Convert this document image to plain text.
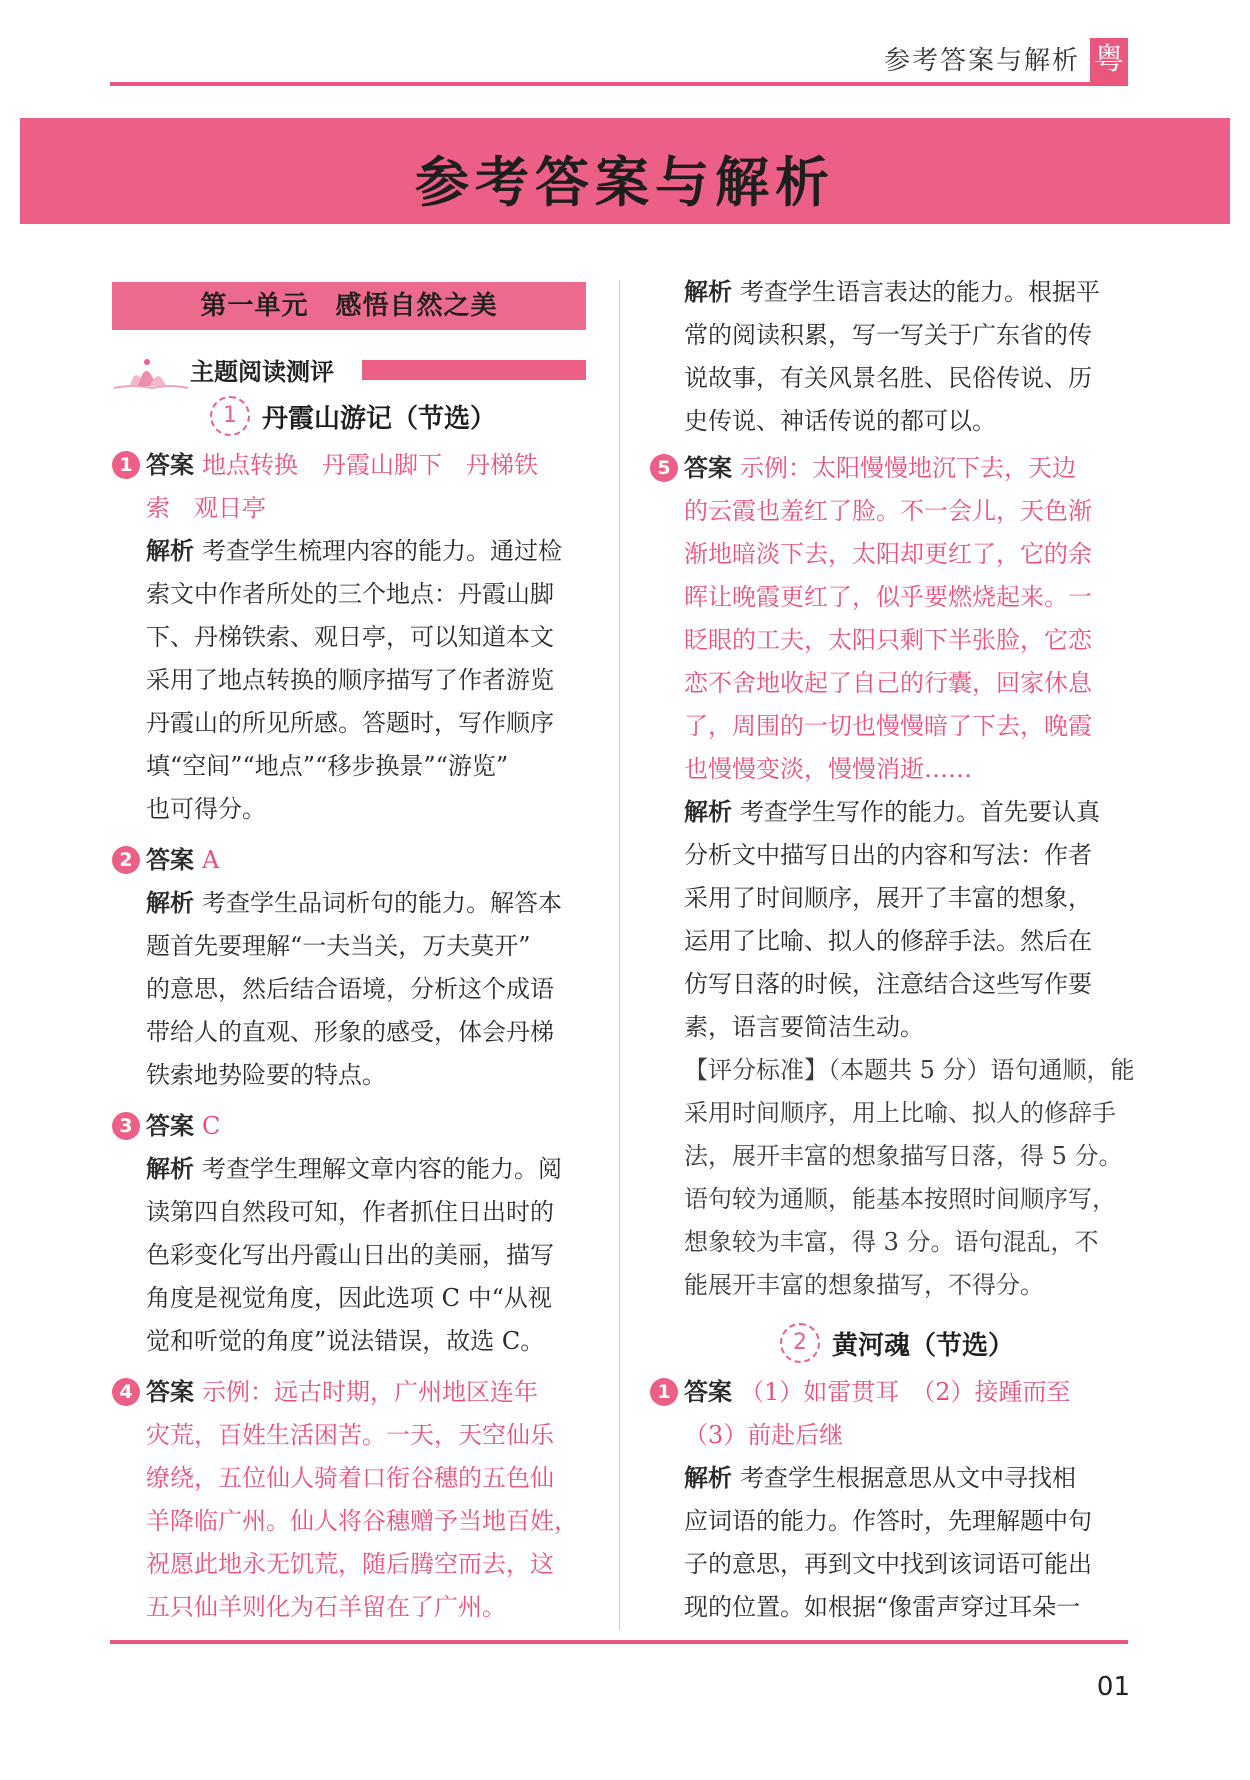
参考答案与解析 粤
参考答案与解析
第一单元　感悟自然之美
主题阅读测评
1 丹霞山游记（节选）
1 答案 地点转换　丹霞山脚下　丹梯铁
索　观日亭
解析 考查学生梳理内容的能力。通过检
索文中作者所处的三个地点：丹霞山脚
下、丹梯铁索、观日亭，可以知道本文
采用了地点转换的顺序描写了作者游览
丹霞山的所见所感。答题时，写作顺序
填“空间”“地点”“移步换景”“游览”
也可得分。
2 答案 A
解析 考查学生品词析句的能力。解答本
题首先要理解“一夫当关，万夫莫开”
的意思，然后结合语境，分析这个成语
带给人的直观、形象的感受，体会丹梯
铁索地势险要的特点。
3 答案 C
解析 考查学生理解文章内容的能力。阅
读第四自然段可知，作者抓住日出时的
色彩变化写出丹霞山日出的美丽，描写
角度是视觉角度，因此选项 C 中“从视
觉和听觉的角度”说法错误，故选 C。
4 答案 示例：远古时期，广州地区连年
灾荒，百姓生活困苦。一天，天空仙乐
缭绕，五位仙人骑着口衔谷穗的五色仙
羊降临广州。仙人将谷穗赠予当地百姓，
祝愿此地永无饥荒，随后腾空而去，这
五只仙羊则化为石羊留在了广州。
解析 考查学生语言表达的能力。根据平
常的阅读积累，写一写关于广东省的传
说故事，有关风景名胜、民俗传说、历
史传说、神话传说的都可以。
5 答案 示例：太阳慢慢地沉下去，天边
的云霞也羞红了脸。不一会儿，天色渐
渐地暗淡下去，太阳却更红了，它的余
晖让晚霞更红了，似乎要燃烧起来。一
眨眼的工夫，太阳只剩下半张脸，它恋
恋不舍地收起了自己的行囊，回家休息
了，周围的一切也慢慢暗了下去，晚霞
也慢慢变淡，慢慢消逝……
解析 考查学生写作的能力。首先要认真
分析文中描写日出的内容和写法：作者
采用了时间顺序，展开了丰富的想象，
运用了比喻、拟人的修辞手法。然后在
仿写日落的时候，注意结合这些写作要
素，语言要简洁生动。
【评分标准】（本题共 5 分）语句通顺，能
采用时间顺序，用上比喻、拟人的修辞手
法，展开丰富的想象描写日落，得 5 分。
语句较为通顺，能基本按照时间顺序写，
想象较为丰富，得 3 分。语句混乱，不
能展开丰富的想象描写，不得分。
2 黄河魂（节选）
1 答案 （1）如雷贯耳　（2）接踵而至
（3）前赴后继
解析 考查学生根据意思从文中寻找相
应词语的能力。作答时，先理解题中句
子的意思，再到文中找到该词语可能出
现的位置。如根据“像雷声穿过耳朵一
01
